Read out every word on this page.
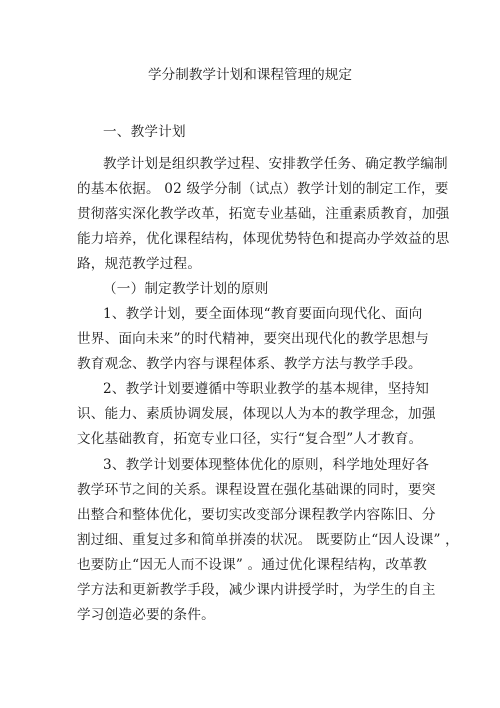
学分制教学计划和课程管理的规定
一、教学计划
教学计划是组织教学过程、安排教学任务、确定教学编制
的基本依据。 02 级学分制（试点）教学计划的制定工作，要
贯彻落实深化教学改革，拓宽专业基础，注重素质教育，加强
能力培养，优化课程结构，体现优势特色和提高办学效益的思
路，规范教学过程。
（一）制定教学计划的原则
1、教学计划，要全面体现“教育要面向现代化、面向
世界、面向未来”的时代精神，要突出现代化的教学思想与
教育观念、教学内容与课程体系、教学方法与教学手段。
2、教学计划要遵循中等职业教学的基本规律，坚持知
识、能力、素质协调发展，体现以人为本的教学理念，加强
文化基础教育，拓宽专业口径，实行“复合型”人才教育。
3、教学计划要体现整体优化的原则，科学地处理好各
教学环节之间的关系。课程设置在强化基础课的同时，要突
出整合和整体优化，要切实改变部分课程教学内容陈旧、分
割过细、重复过多和简单拼凑的状况。 既要防止“因人设课” ，
也要防止“因无人而不设课” 。通过优化课程结构，改革教
学方法和更新教学手段，减少课内讲授学时，为学生的自主
学习创造必要的条件。
